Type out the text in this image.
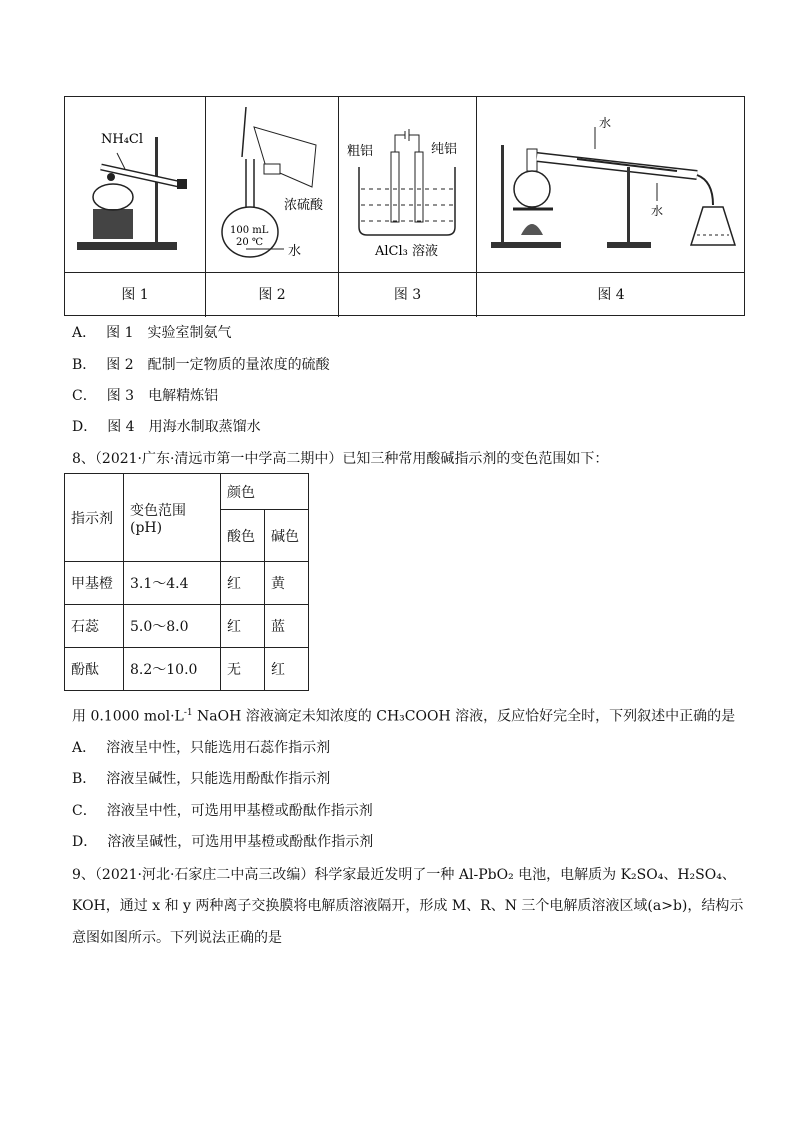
NH₄Cl
浓硫酸
100 mL
20 ℃
水
粗铝	纯铝
AlCl₃ 溶液
水
水
图 1	图 2	图 3	图 4
A． 图 1　实验室制氨气
B． 图 2　配制一定物质的量浓度的硫酸
C． 图 3　电解精炼铝
D． 图 4　用海水制取蒸馏水
8、（2021·广东·清远市第一中学高二期中）已知三种常用酸碱指示剂的变色范围如下：
指示剂	变色范围(pH)	颜色	
		酸色	碱色
甲基橙	3.1～4.4	红	黄
石蕊	5.0～8.0	红	蓝
酚酞	8.2～10.0	无	红
用 0.1000 $mol\cdot L^{-1}$ NaOH 溶液滴定未知浓度的 CH₃COOH 溶液，反应恰好完全时，下列叙述中正确的是
A． 溶液呈中性，只能选用石蕊作指示剂
B． 溶液呈碱性，只能选用酚酞作指示剂
C． 溶液呈中性，可选用甲基橙或酚酞作指示剂
D． 溶液呈碱性，可选用甲基橙或酚酞作指示剂
9、（2021·河北·石家庄二中高三改编）科学家最近发明了一种 Al-PbO₂ 电池，电解质为 K₂SO₄、H₂SO₄、
KOH，通过 x 和 y 两种离子交换膜将电解质溶液隔开，形成 M、R、N 三个电解质溶液区域(a>b)，结构示
意图如图所示。下列说法正确的是
